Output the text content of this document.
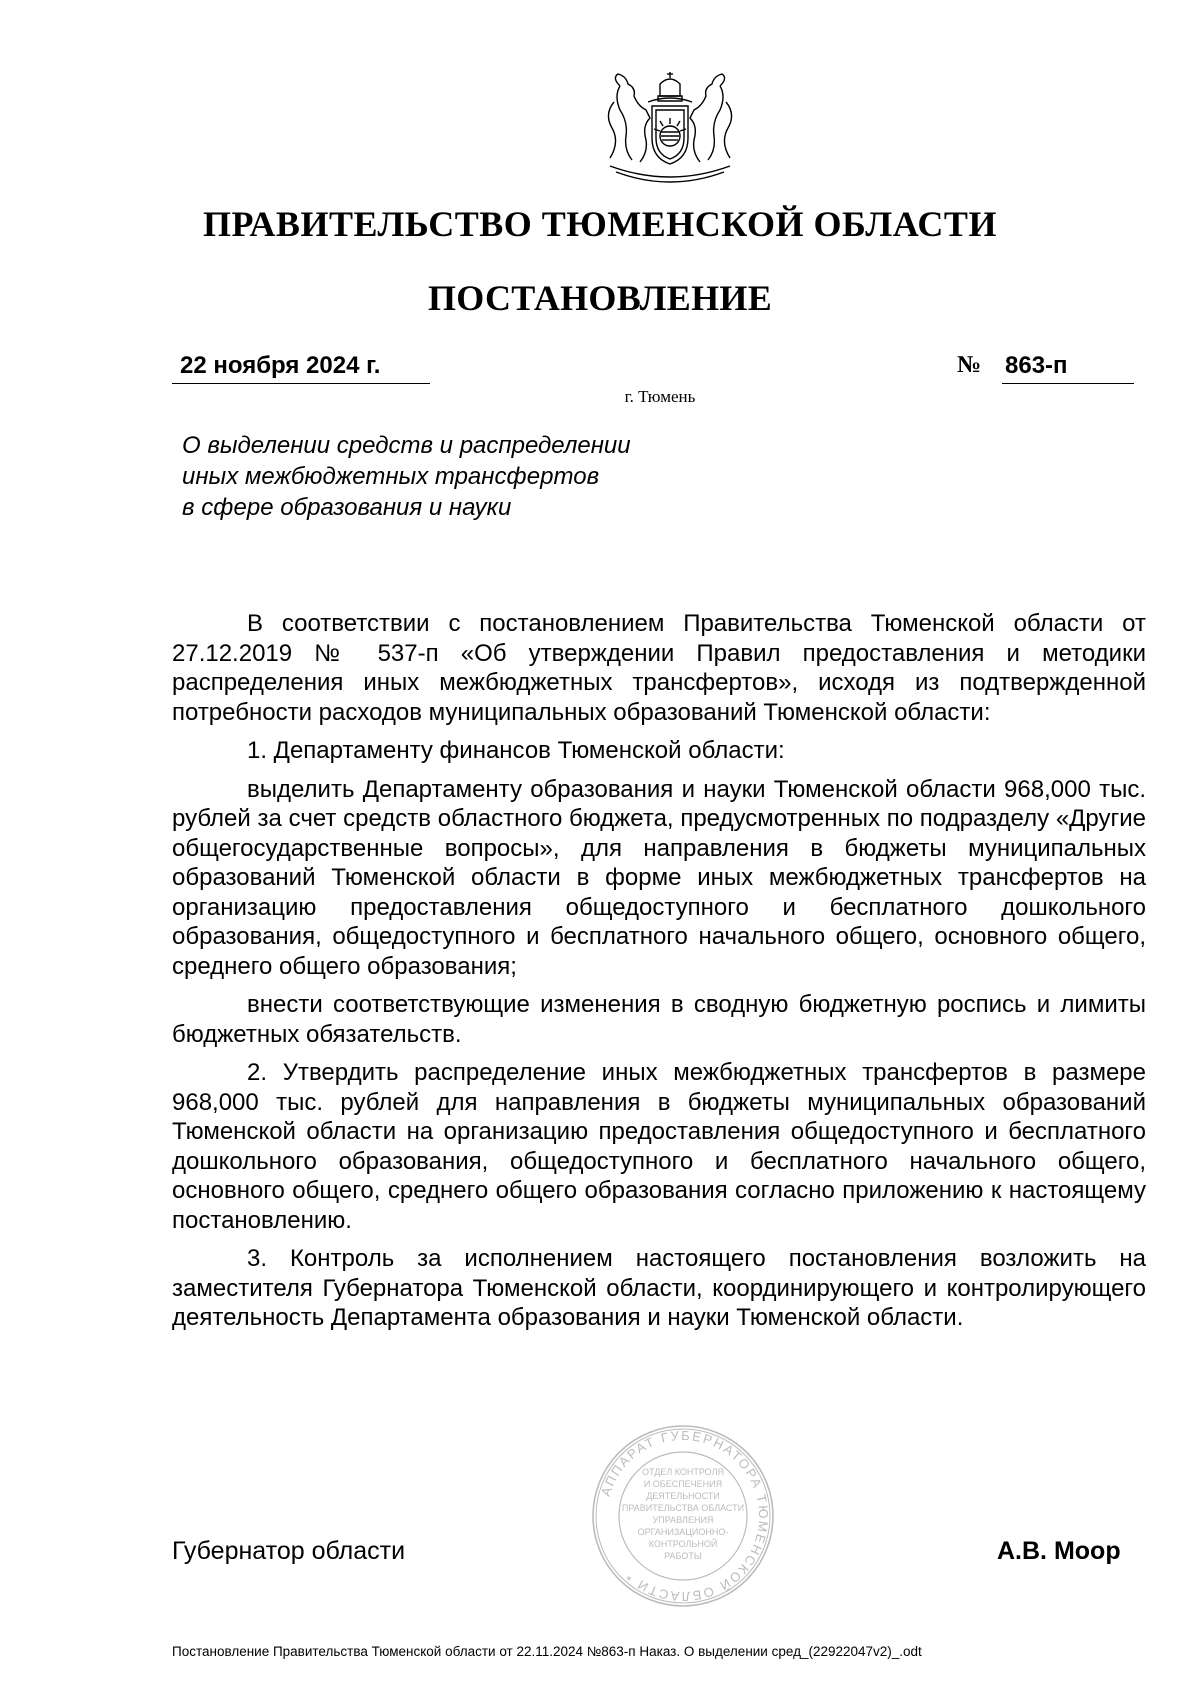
ПРАВИТЕЛЬСТВО ТЮМЕНСКОЙ ОБЛАСТИ
ПОСТАНОВЛЕНИЕ
22 ноября 2024 г.	№ 863-п
г. Тюмень
О выделении средств и распределении
иных межбюджетных трансфертов
в сфере образования и науки

В соответствии с постановлением Правительства Тюменской области от 27.12.2019 № 537-п «Об утверждении Правил предоставления и методики распределения иных межбюджетных трансфертов», исходя из подтвержденной потребности расходов муниципальных образований Тюменской области:

1. Департаменту финансов Тюменской области:

выделить Департаменту образования и науки Тюменской области 968,000 тыс. рублей за счет средств областного бюджета, предусмотренных по подразделу «Другие общегосударственные вопросы», для направления в бюджеты муниципальных образований Тюменской области в форме иных межбюджетных трансфертов на организацию предоставления общедоступного и бесплатного дошкольного образования, общедоступного и бесплатного начального общего, основного общего, среднего общего образования;

внести соответствующие изменения в сводную бюджетную роспись и лимиты бюджетных обязательств.

2. Утвердить распределение иных межбюджетных трансфертов в размере 968,000 тыс. рублей для направления в бюджеты муниципальных образований Тюменской области на организацию предоставления общедоступного и бесплатного дошкольного образования, общедоступного и бесплатного начального общего, основного общего, среднего общего образования согласно приложению к настоящему постановлению.

3. Контроль за исполнением настоящего постановления возложить на заместителя Губернатора Тюменской области, координирующего и контролирующего деятельность Департамента образования и науки Тюменской области.

АППАРАТ ГУБЕРНАТОРА ТЮМЕНСКОЙ ОБЛАСТИ *
ОТДЕЛ КОНТРОЛЯ
И ОБЕСПЕЧЕНИЯ
ДЕЯТЕЛЬНОСТИ
ПРАВИТЕЛЬСТВА ОБЛАСТИ
УПРАВЛЕНИЯ
ОРГАНИЗАЦИОННО-
КОНТРОЛЬНОЙ
РАБОТЫ
Губернатор области	А.В. Моор
Постановление Правительства Тюменской области от 22.11.2024 №863-п Наказ. О выделении сред_(22922047v2)_.odt
